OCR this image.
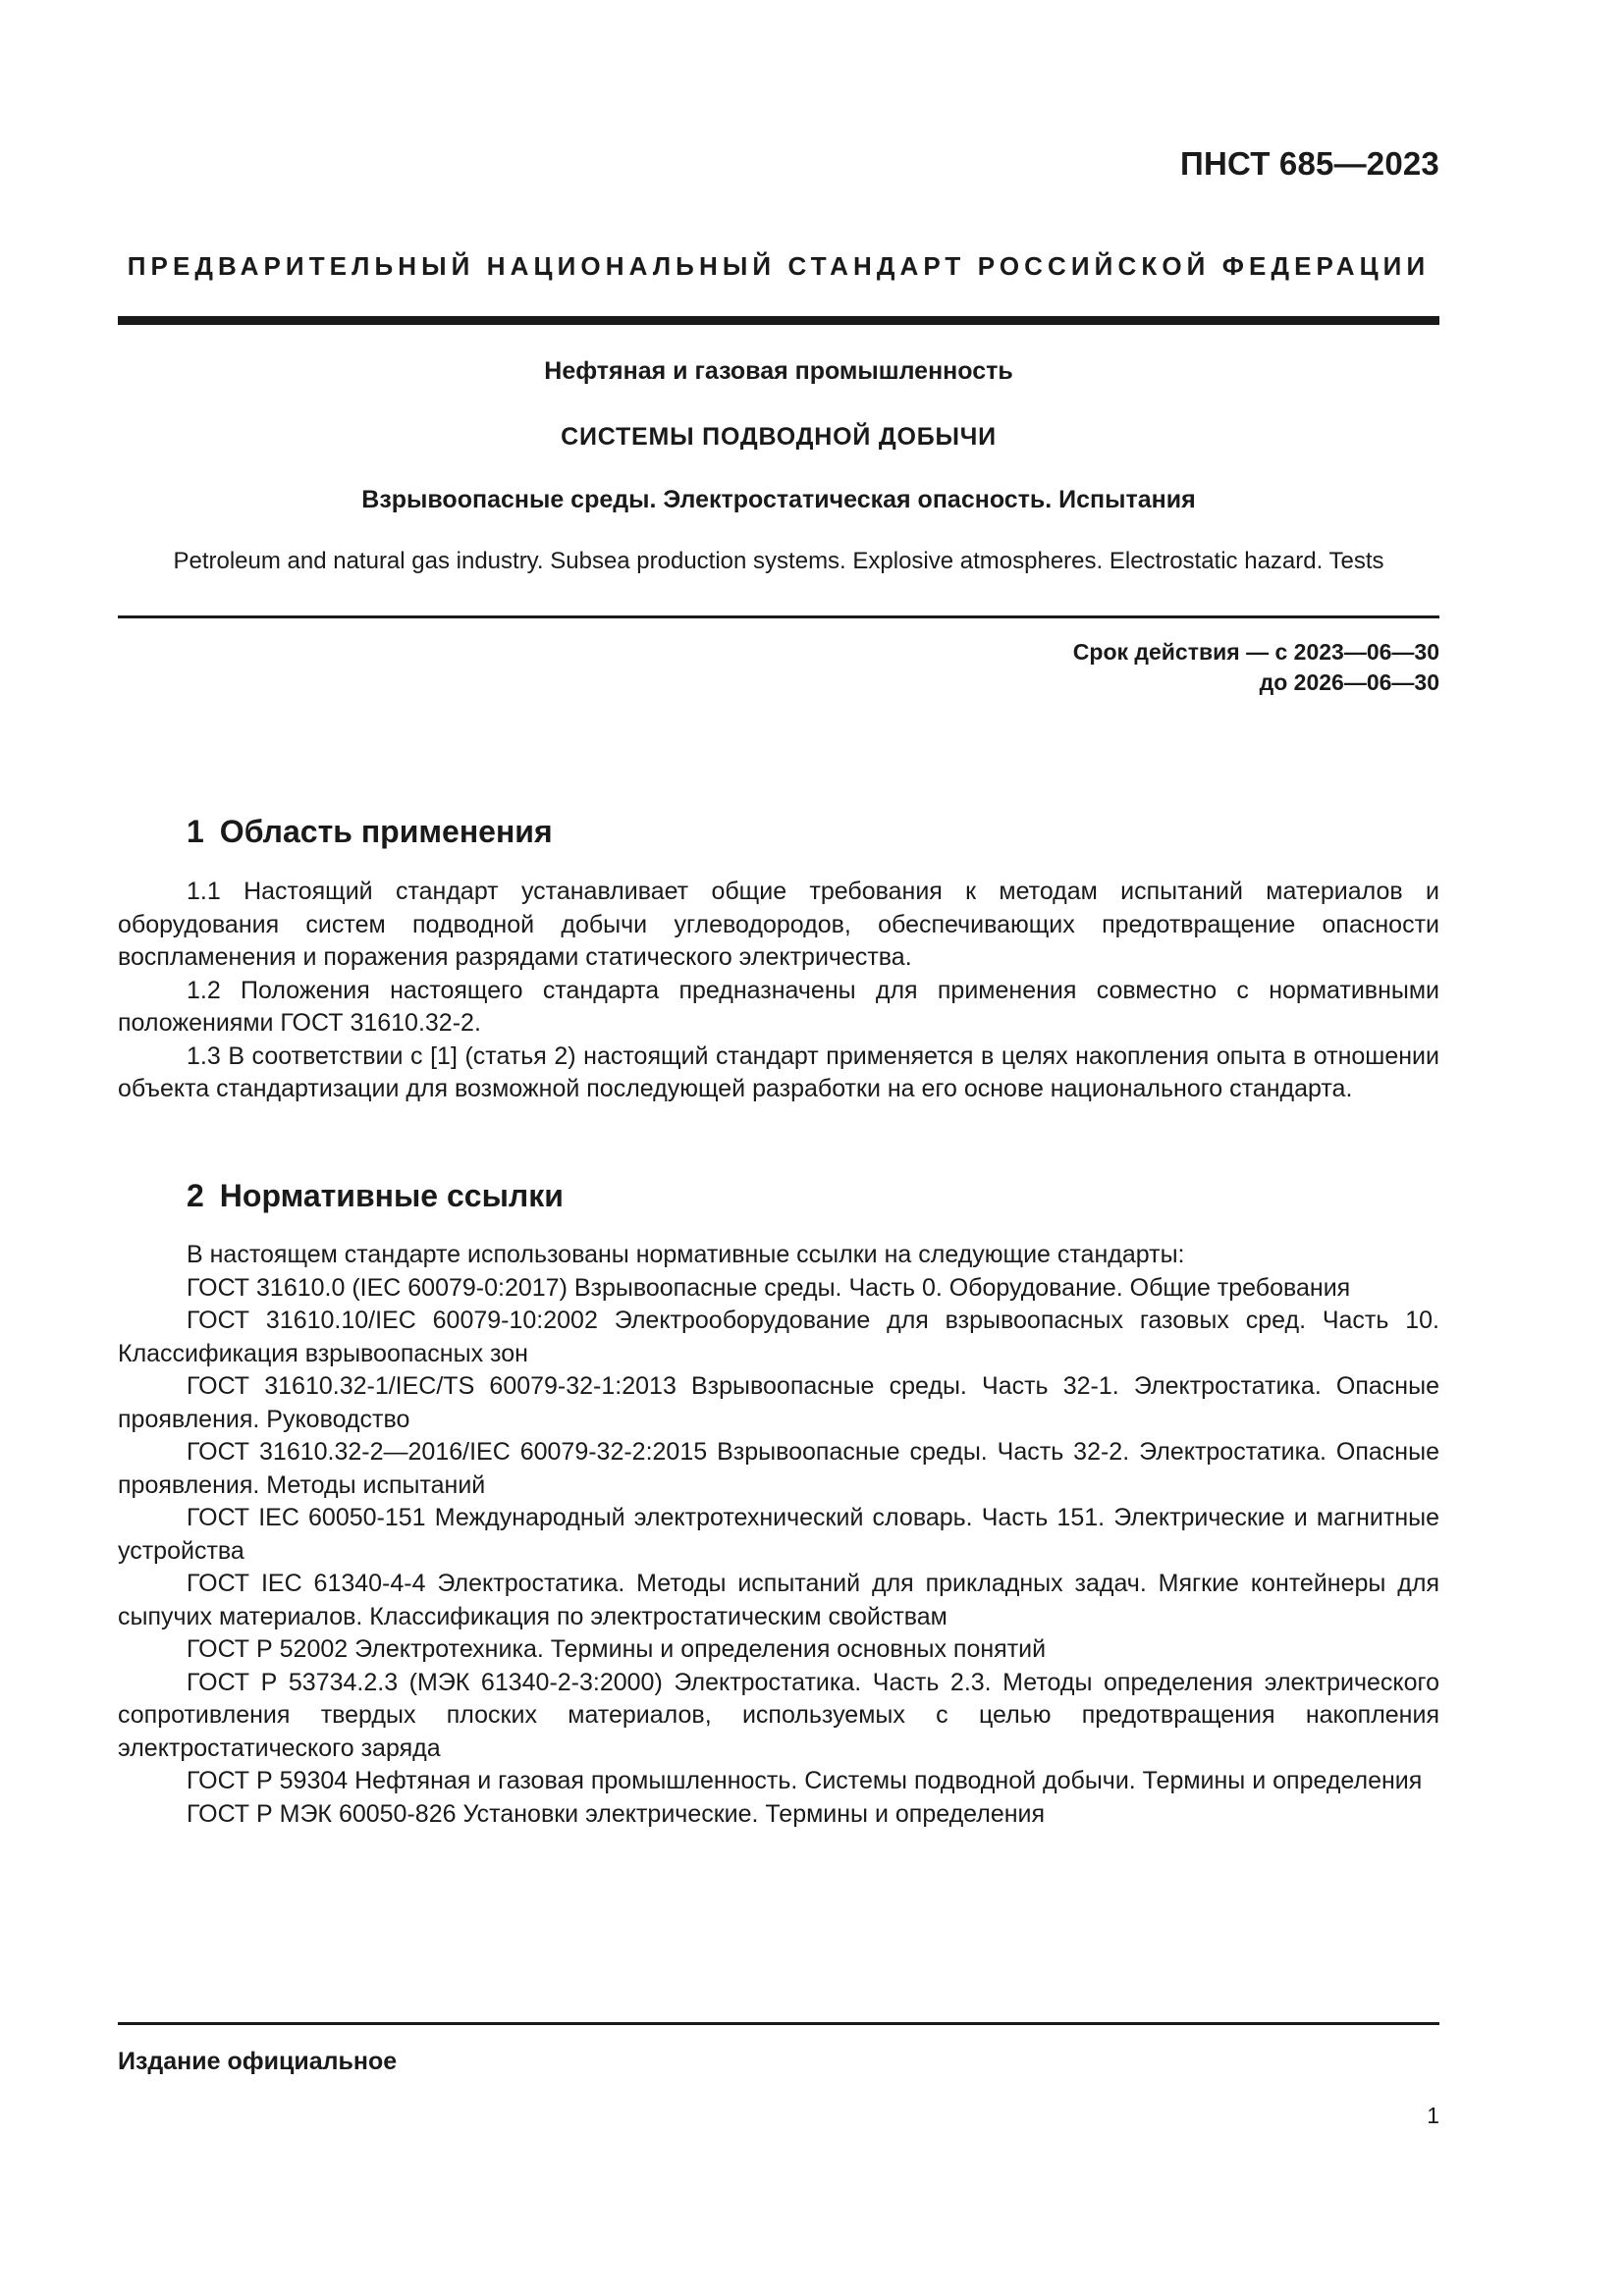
ПНСТ 685—2023
ПРЕДВАРИТЕЛЬНЫЙ НАЦИОНАЛЬНЫЙ СТАНДАРТ РОССИЙСКОЙ ФЕДЕРАЦИИ
Нефтяная и газовая промышленность
СИСТЕМЫ ПОДВОДНОЙ ДОБЫЧИ
Взрывоопасные среды. Электростатическая опасность. Испытания
Petroleum and natural gas industry. Subsea production systems. Explosive atmospheres. Electrostatic hazard. Tests
Срок действия — с 2023—06—30
до 2026—06—30
1 Область применения

1.1 Настоящий стандарт устанавливает общие требования к методам испытаний материалов и оборудования систем подводной добычи углеводородов, обеспечивающих предотвращение опасности воспламенения и поражения разрядами статического электричества.

1.2 Положения настоящего стандарта предназначены для применения совместно с нормативными положениями ГОСТ 31610.32-2.

1.3 В соответствии с [1] (статья 2) настоящий стандарт применяется в целях накопления опыта в отношении объекта стандартизации для возможной последующей разработки на его основе национального стандарта.

2 Нормативные ссылки

В настоящем стандарте использованы нормативные ссылки на следующие стандарты:

ГОСТ 31610.0 (IEC 60079-0:2017) Взрывоопасные среды. Часть 0. Оборудование. Общие требования

ГОСТ 31610.10/IEC 60079-10:2002 Электрооборудование для взрывоопасных газовых сред. Часть 10. Классификация взрывоопасных зон

ГОСТ 31610.32-1/IEC/TS 60079-32-1:2013 Взрывоопасные среды. Часть 32-1. Электростатика. Опасные проявления. Руководство

ГОСТ 31610.32-2—2016/IEC 60079-32-2:2015 Взрывоопасные среды. Часть 32-2. Электростатика. Опасные проявления. Методы испытаний

ГОСТ IEC 60050-151 Международный электротехнический словарь. Часть 151. Электрические и магнитные устройства

ГОСТ IEC 61340-4-4 Электростатика. Методы испытаний для прикладных задач. Мягкие контейнеры для сыпучих материалов. Классификация по электростатическим свойствам

ГОСТ Р 52002 Электротехника. Термины и определения основных понятий

ГОСТ Р 53734.2.3 (МЭК 61340-2-3:2000) Электростатика. Часть 2.3. Методы определения электрического сопротивления твердых плоских материалов, используемых с целью предотвращения накопления электростатического заряда

ГОСТ Р 59304 Нефтяная и газовая промышленность. Системы подводной добычи. Термины и определения

ГОСТ Р МЭК 60050-826 Установки электрические. Термины и определения

Издание официальное
1
